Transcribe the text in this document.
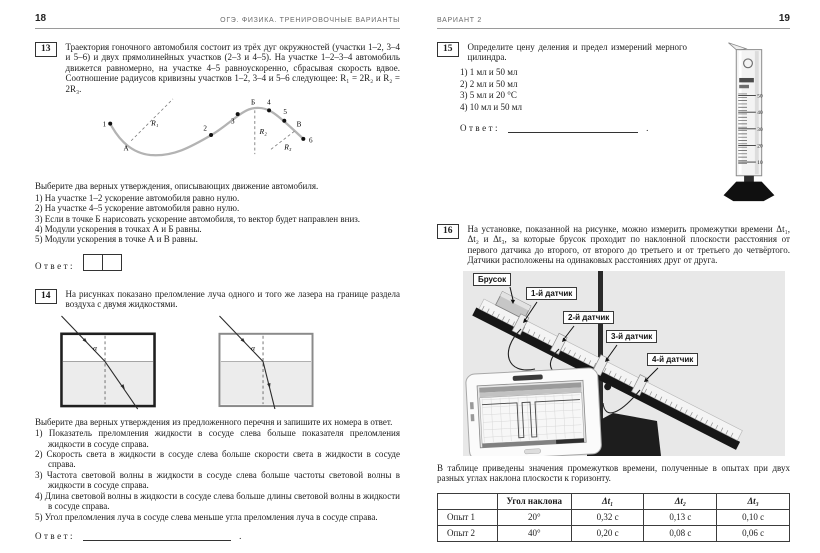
18	ОГЭ. ФИЗИКА. ТРЕНИРОВОЧНЫЕ ВАРИАНТЫ
13	Траектория гоночного автомобиля состоит из трёх дуг окружностей (участки 1–2, 3–4 и 5–6) и двух прямолинейных участков (2–3 и 4–5). На участке 1–2–3–4 автомобиль движется равномерно, на участке 4–5 равноускоренно, сбрасывая скорость вдвое. Соотношение радиусов кривизны участков 1–2, 3–4 и 5–6 следующее: R₁ = 2R₂ и R₂ = 2R₃.
1	2
3
4
5
6
А
Б
В
R₁
R₂
R₃

Выберите два верных утверждения, описывающих движение автомобиля.

1) На участке 1–2 ускорение автомобиля равно нулю.
2) На участке 4–5 ускорение автомобиля равно нулю.
3) Если в точке Б нарисовать ускорение автомобиля, то вектор будет направлен вниз.
4) Модули ускорения в точках А и Б равны.
5) Модули ускорения в точке А и В равны.
Ответ:
14	На рисунках показано преломление луча одного и того же лазера на границе раздела воздуха с двумя жидкостями.
α	α

Выберите два верных утверждения из предложенного перечня и запишите их номера в ответ.

1) Показатель преломления жидкости в сосуде слева больше показателя преломления жидкости в сосуде справа.
2) Скорость света в жидкости в сосуде слева больше скорости света в жидкости в сосуде справа.
3) Частота световой волны в жидкости в сосуде слева больше частоты световой волны в жидкости в сосуде справа.
4) Длина световой волны в жидкости в сосуде слева больше длины световой волны в жидкости в сосуде справа.
5) Угол преломления луча в сосуде слева меньше угла преломления луча в сосуде справа.
Ответ:	.
ВАРИАНТ 2	19
15	Определите цену деления и предел измерений мерного цилиндра.
1) 1 мл и 50 мл
2) 2 мл и 50 мл
3) 5 мл и 20 °С
4) 10 мл и 50 мл
Ответ:	.
50
40
30
20
10
16	На установке, показанной на рисунке, можно измерить промежутки времени Δt₁, Δt₂ и Δt₃, за которые брусок проходит по наклонной плоскости расстояния от первого датчика до второго, от второго до третьего и от третьего до четвёртого. Датчики расположены на одинаковых расстояниях друг от друга.
Брусок
1-й датчик
2-й датчик
3-й датчик
4-й датчик

В таблице приведены значения промежутков времени, полученные в опытах при двух разных углах наклона плоскости к горизонту.

	Угол наклона	Δt₁	Δt₂	Δt₃
Опыт 1	20°	0,32 с	0,13 с	0,10 с
Опыт 2	40°	0,20 с	0,08 с	0,06 с
